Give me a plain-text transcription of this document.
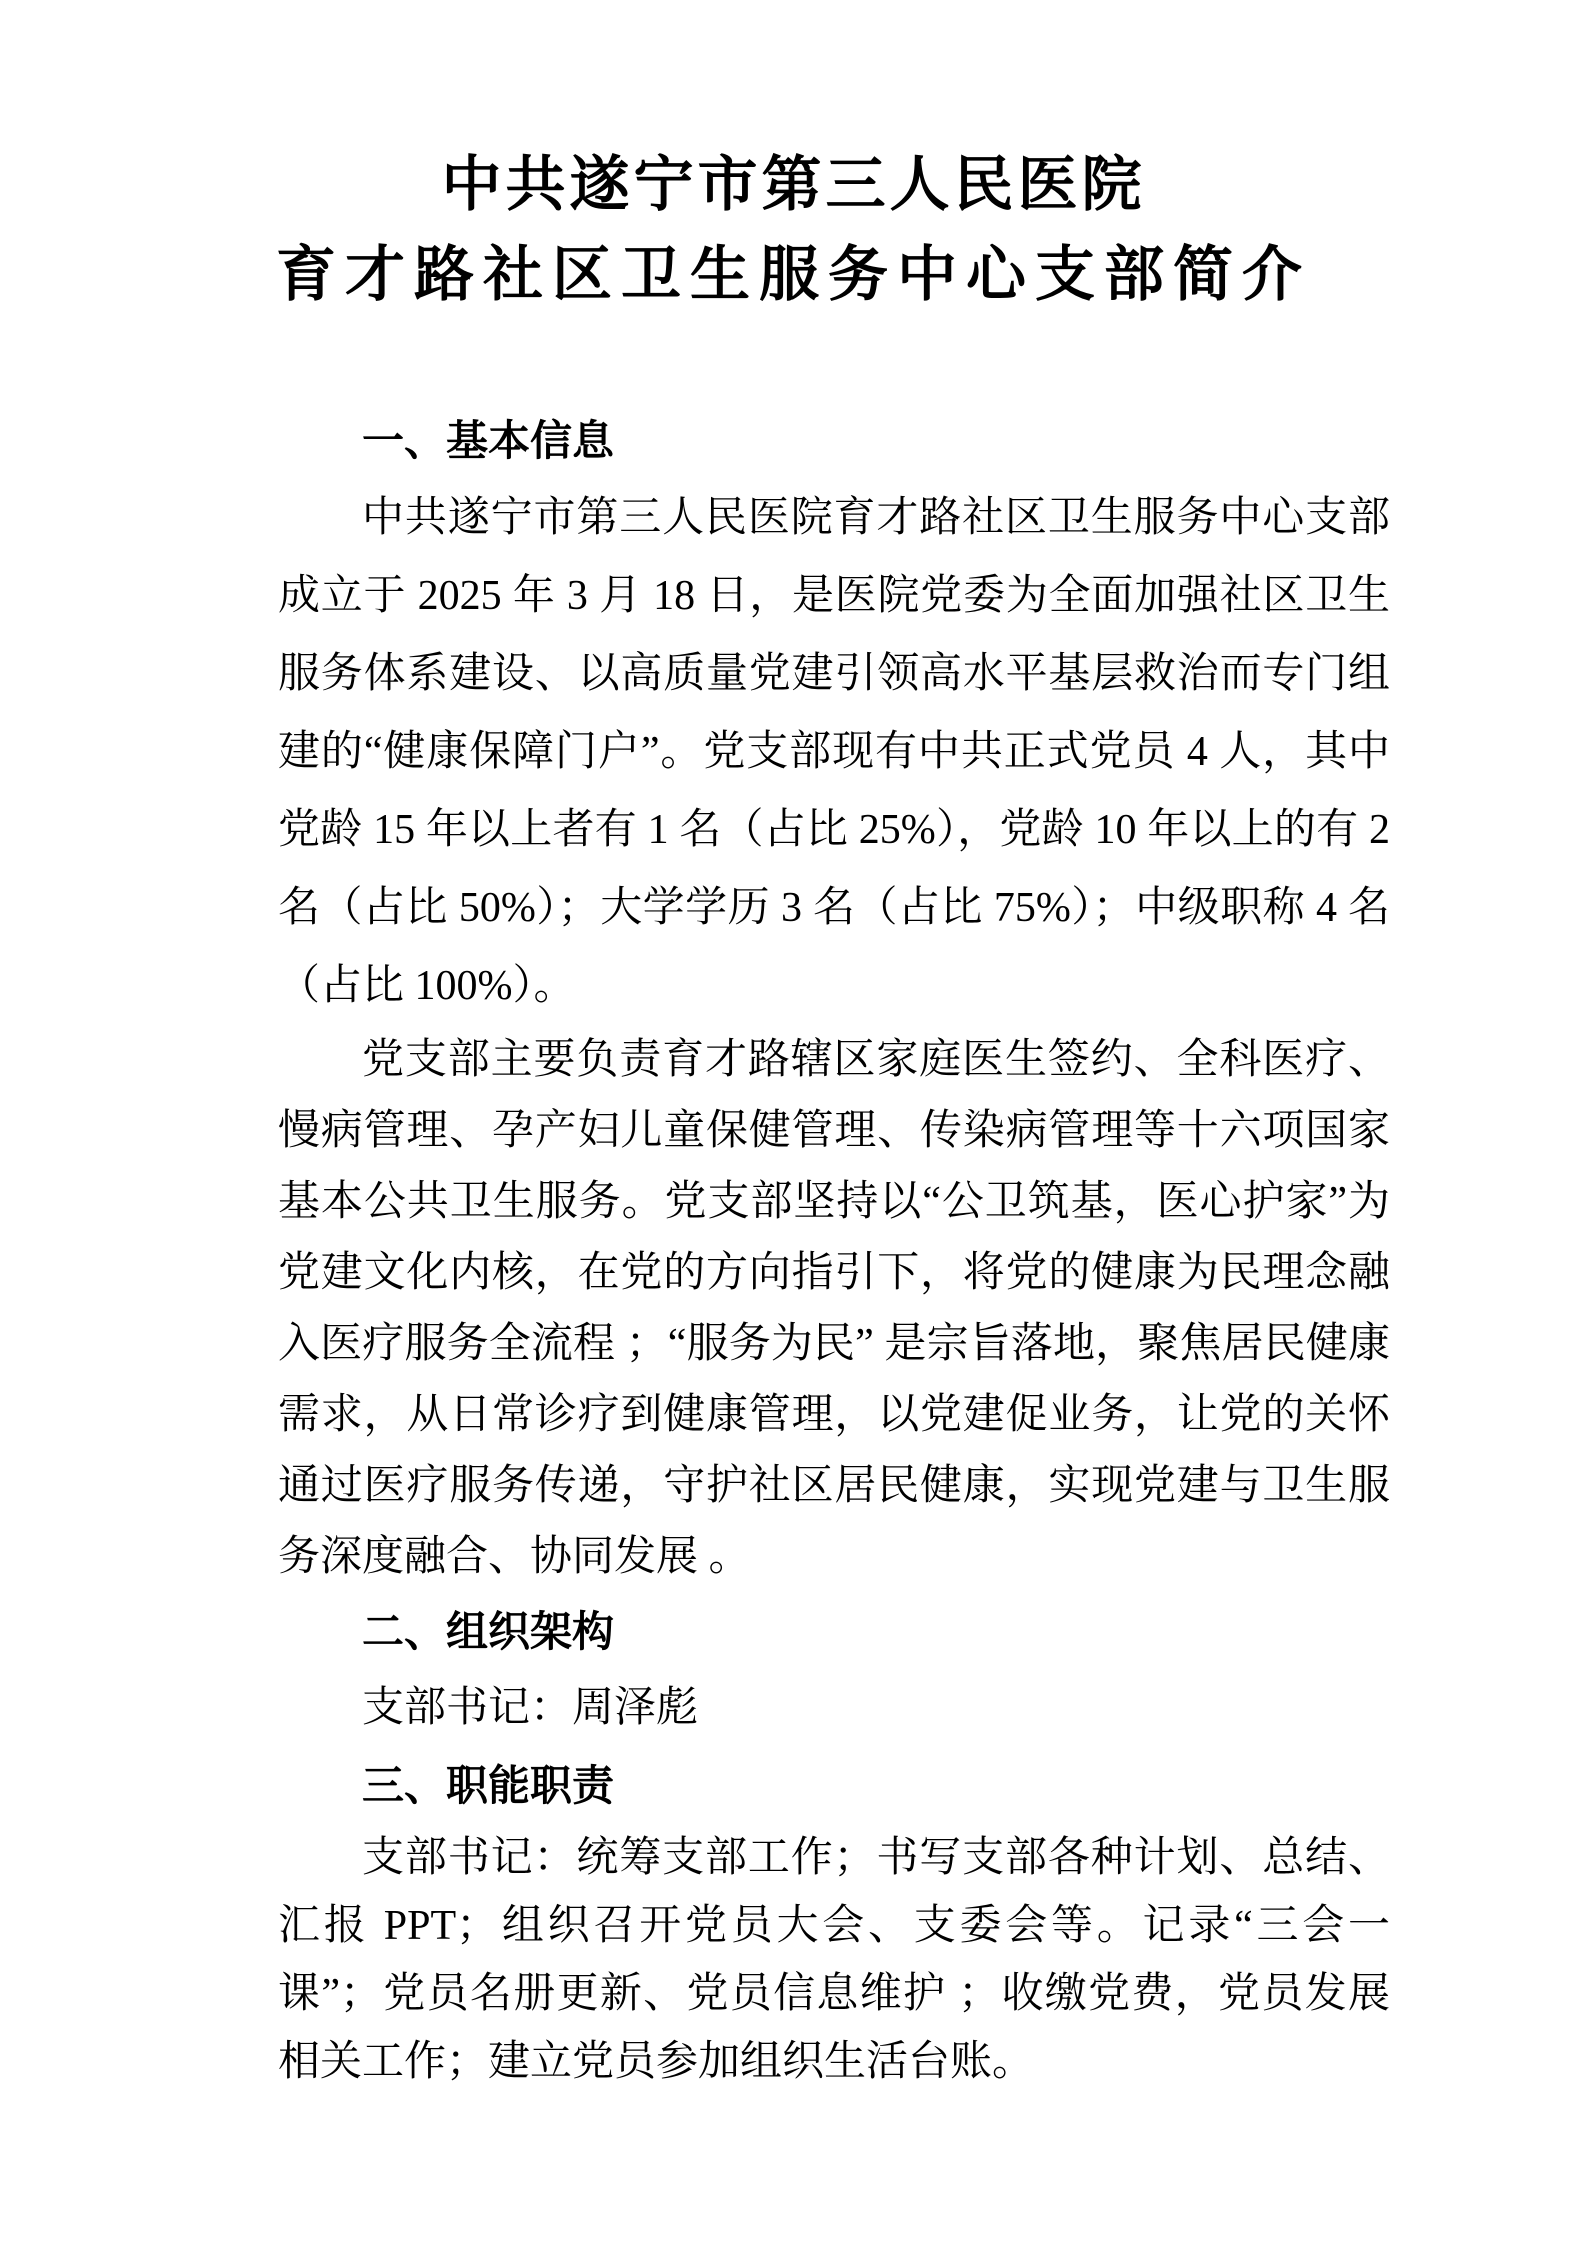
中共遂宁市第三人民医院
育才路社区卫生服务中心支部简介
一、基本信息

中共遂宁市第三人民医院育才路社区卫生服务中心支部成立于 2025 年 3 月 18 日，是医院党委为全面加强社区卫生服务体系建设、以高质量党建引领高水平基层救治而专门组建的“健康保障门户”。党支部现有中共正式党员 4 人，其中党龄 15 年以上者有 1 名（占比 25%），党龄 10 年以上的有 2 名（占比 50%）；大学学历 3 名（占比 75%）；中级职称 4 名（占比 100%）。

党支部主要负责育才路辖区家庭医生签约、全科医疗、慢病管理、孕产妇儿童保健管理、传染病管理等十六项国家基本公共卫生服务。党支部坚持以“公卫筑基，医心护家”为党建文化内核，在党的方向指引下，将党的健康为民理念融入医疗服务全流程 ；“服务为民” 是宗旨落地，聚焦居民健康需求，从日常诊疗到健康管理，以党建促业务，让党的关怀通过医疗服务传递，守护社区居民健康，实现党建与卫生服务深度融合、协同发展 。

二、组织架构

支部书记：周泽彪

三、职能职责

支部书记：统筹支部工作；书写支部各种计划、总结、汇报 PPT；组织召开党员大会、支委会等。记录“三会一课”；党员名册更新、党员信息维护 ；收缴党费，党员发展相关工作；建立党员参加组织生活台账。
